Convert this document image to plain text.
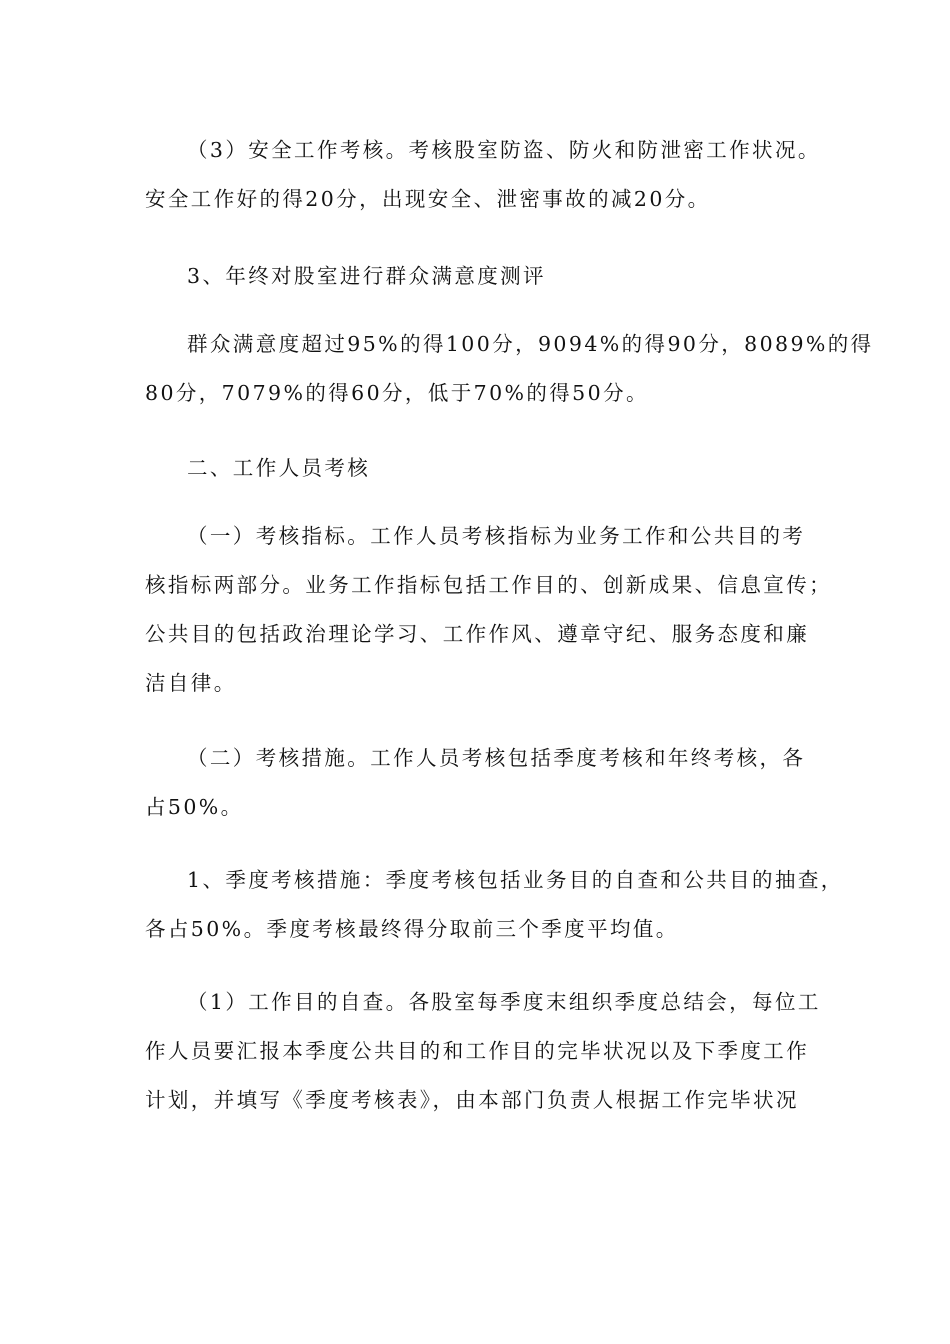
（3）安全工作考核。考核股室防盗、防火和防泄密工作状况。
安全工作好的得20分，出现安全、泄密事故的减20分。

3、年终对股室进行群众满意度测评

群众满意度超过95%的得100分，9094%的得90分，8089%的得
80分，7079%的得60分，低于70%的得50分。

二、工作人员考核

（一）考核指标。工作人员考核指标为业务工作和公共目的考
核指标两部分。业务工作指标包括工作目的、创新成果、信息宣传；
公共目的包括政治理论学习、工作作风、遵章守纪、服务态度和廉
洁自律。

（二）考核措施。工作人员考核包括季度考核和年终考核，各
占50%。

1、季度考核措施：季度考核包括业务目的自查和公共目的抽查，
各占50%。季度考核最终得分取前三个季度平均值。

（1）工作目的自查。各股室每季度末组织季度总结会，每位工
作人员要汇报本季度公共目的和工作目的完毕状况以及下季度工作
计划，并填写《季度考核表》，由本部门负责人根据工作完毕状况
